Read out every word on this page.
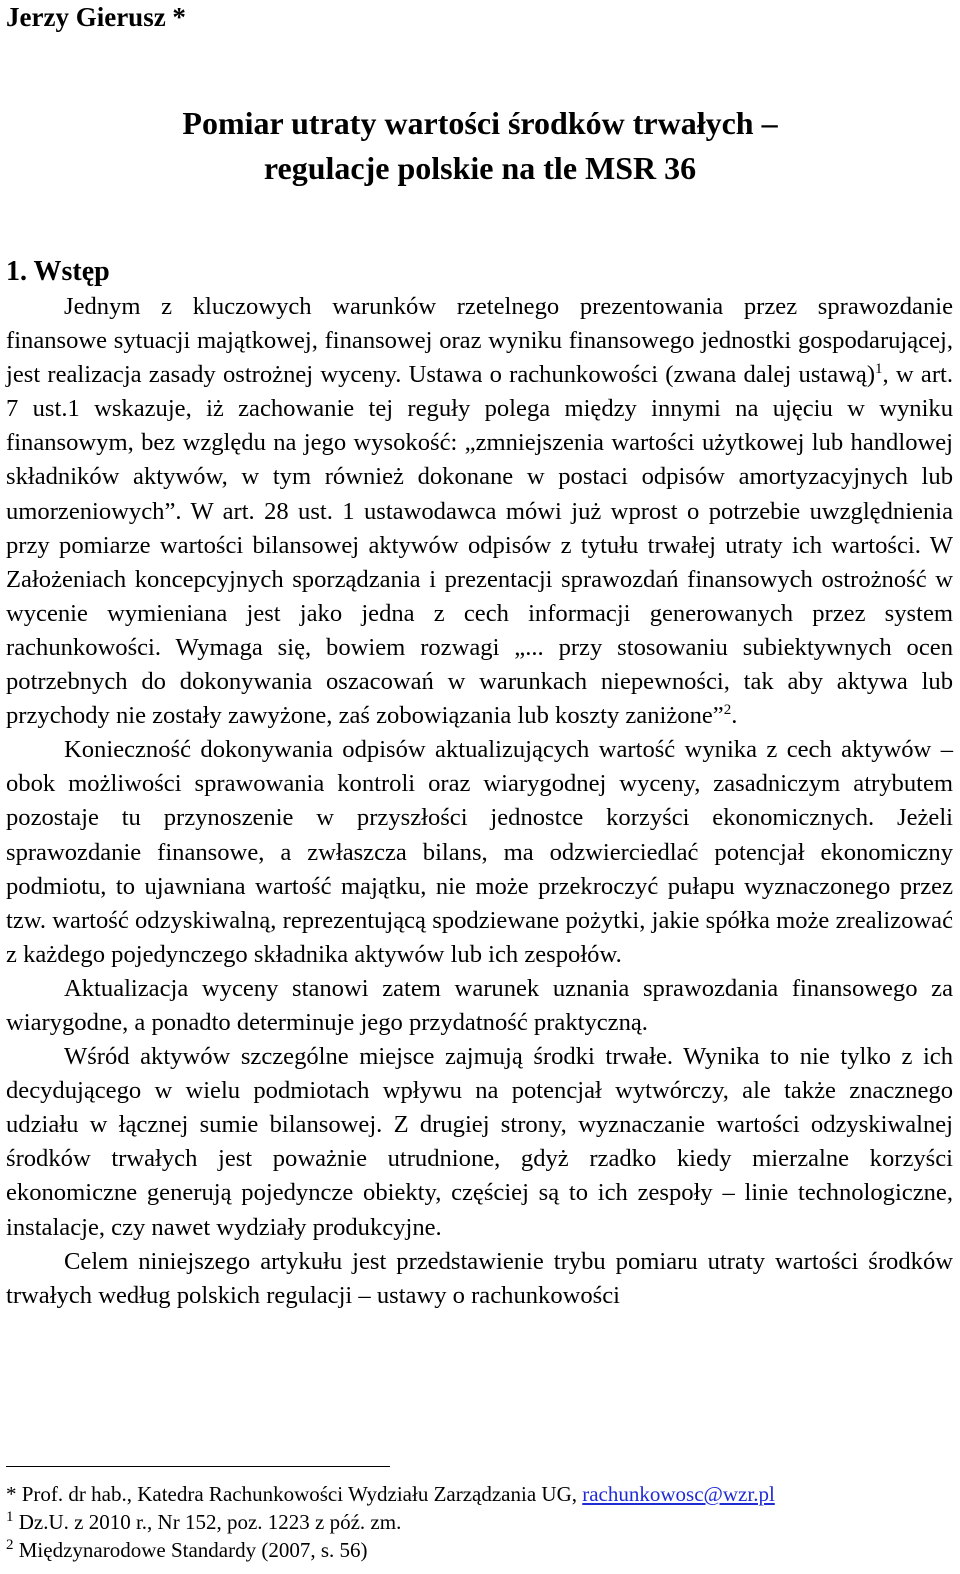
Jerzy Gierusz *
Pomiar utraty wartości środków trwałych –
regulacje polskie na tle MSR 36
1. Wstęp

Jednym z kluczowych warunków rzetelnego prezentowania przez sprawozdanie finansowe sytuacji majątkowej, finansowej oraz wyniku finansowego jednostki gospodarującej, jest realizacja zasady ostrożnej wyceny. Ustawa o rachunkowości (zwana dalej ustawą)$^1$, w art. 7 ust.1 wskazuje, iż zachowanie tej reguły polega między innymi na ujęciu w wyniku finansowym, bez względu na jego wysokość: „zmniejszenia wartości użytkowej lub handlowej składników aktywów, w tym również dokonane w postaci odpisów amortyzacyjnych lub umorzeniowych”. W art. 28 ust. 1 ustawodawca mówi już wprost o potrzebie uwzględnienia przy pomiarze wartości bilansowej aktywów odpisów z tytułu trwałej utraty ich wartości. W Założeniach koncepcyjnych sporządzania i prezentacji sprawozdań finansowych ostrożność w wycenie wymieniana jest jako jedna z cech informacji generowanych przez system rachunkowości. Wymaga się, bowiem rozwagi „... przy stosowaniu subiektywnych ocen potrzebnych do dokonywania oszacowań w warunkach niepewności, tak aby aktywa lub przychody nie zostały zawyżone, zaś zobowiązania lub koszty zaniżone”$^2$.

Konieczność dokonywania odpisów aktualizujących wartość wynika z cech aktywów – obok możliwości sprawowania kontroli oraz wiarygodnej wyceny, zasadniczym atrybutem pozostaje tu przynoszenie w przyszłości jednostce korzyści ekonomicznych. Jeżeli sprawozdanie finansowe, a zwłaszcza bilans, ma odzwierciedlać potencjał ekonomiczny podmiotu, to ujawniana wartość majątku, nie może przekroczyć pułapu wyznaczonego przez tzw. wartość odzyskiwalną, reprezentującą spodziewane pożytki, jakie spółka może zrealizować z każdego pojedynczego składnika aktywów lub ich zespołów.

Aktualizacja wyceny stanowi zatem warunek uznania sprawozdania finansowego za wiarygodne, a ponadto determinuje jego przydatność praktyczną.

Wśród aktywów szczególne miejsce zajmują środki trwałe. Wynika to nie tylko z ich decydującego w wielu podmiotach wpływu na potencjał wytwórczy, ale także znacznego udziału w łącznej sumie bilansowej. Z drugiej strony, wyznaczanie wartości odzyskiwalnej środków trwałych jest poważnie utrudnione, gdyż rzadko kiedy mierzalne korzyści ekonomiczne generują pojedyncze obiekty, częściej są to ich zespoły – linie technologiczne, instalacje, czy nawet wydziały produkcyjne.

Celem niniejszego artykułu jest przedstawienie trybu pomiaru utraty wartości środków trwałych według polskich regulacji – ustawy o rachunkowości

* Prof. dr hab., Katedra Rachunkowości Wydziału Zarządzania UG, rachunkowosc@wzr.pl
$^1$ Dz.U. z 2010 r., Nr 152, poz. 1223 z póź. zm.
$^2$ Międzynarodowe Standardy (2007, s. 56)
